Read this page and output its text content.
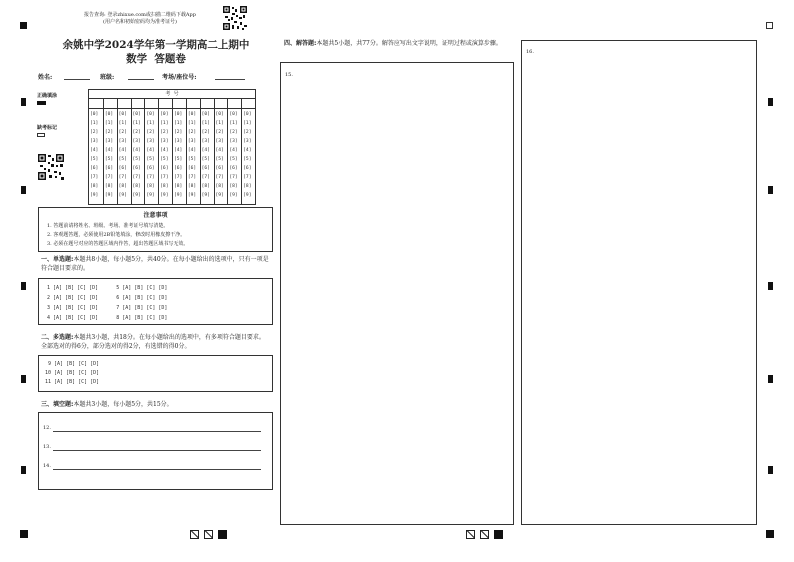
报告查询: 登录zhixue.com或扫描二维码下载App
(用户名和初始密码均为准考证号)
余姚中学2024学年第一学期高二上期中
数学  答题卷
姓名:	班级:	考场/座位号:
正确填涂
缺考标记
考  号
[0]
[1]
[2]
[3]
[4]
[5]
[6]
[7]
[8]
[9]
[0]
[1]
[2]
[3]
[4]
[5]
[6]
[7]
[8]
[9]
[0]
[1]
[2]
[3]
[4]
[5]
[6]
[7]
[8]
[9]
[0]
[1]
[2]
[3]
[4]
[5]
[6]
[7]
[8]
[9]
[0]
[1]
[2]
[3]
[4]
[5]
[6]
[7]
[8]
[9]
[0]
[1]
[2]
[3]
[4]
[5]
[6]
[7]
[8]
[9]
[0]
[1]
[2]
[3]
[4]
[5]
[6]
[7]
[8]
[9]
[0]
[1]
[2]
[3]
[4]
[5]
[6]
[7]
[8]
[9]
[0]
[1]
[2]
[3]
[4]
[5]
[6]
[7]
[8]
[9]
[0]
[1]
[2]
[3]
[4]
[5]
[6]
[7]
[8]
[9]
[0]
[1]
[2]
[3]
[4]
[5]
[6]
[7]
[8]
[9]
[0]
[1]
[2]
[3]
[4]
[5]
[6]
[7]
[8]
[9]
注意事项
1. 答题前请将姓名、班级、考场、准考证号填写清楚。
2. 客观题答题，必须使用2B铅笔填涂，修改时用橡皮擦干净。
3. 必须在题号对应的答题区域内作答，超出答题区域书写无效。
一、单选题:本题共8小题，每小题5分，共40分。在每小题给出的选项中，只有一项是符合题目要求的。
1 [A] [B] [C] [D]      5 [A] [B] [C] [D]
2 [A] [B] [C] [D]      6 [A] [B] [C] [D]
3 [A] [B] [C] [D]      7 [A] [B] [C] [D]
4 [A] [B] [C] [D]      8 [A] [B] [C] [D]
二、多选题:本题共3小题，共18分。在每小题给出的选项中，有多项符合题目要求。全部选对的得6分，部分选对的得2分，有选错的得0分。
9 [A] [B] [C] [D]
10 [A] [B] [C] [D]
11 [A] [B] [C] [D]
三、填空题:本题共3小题，每小题5分，共15分。
12.
13.
14.
四、解答题:本题共5小题，共77分。解答应写出文字说明，证明过程或演算步骤。
15.
16.
